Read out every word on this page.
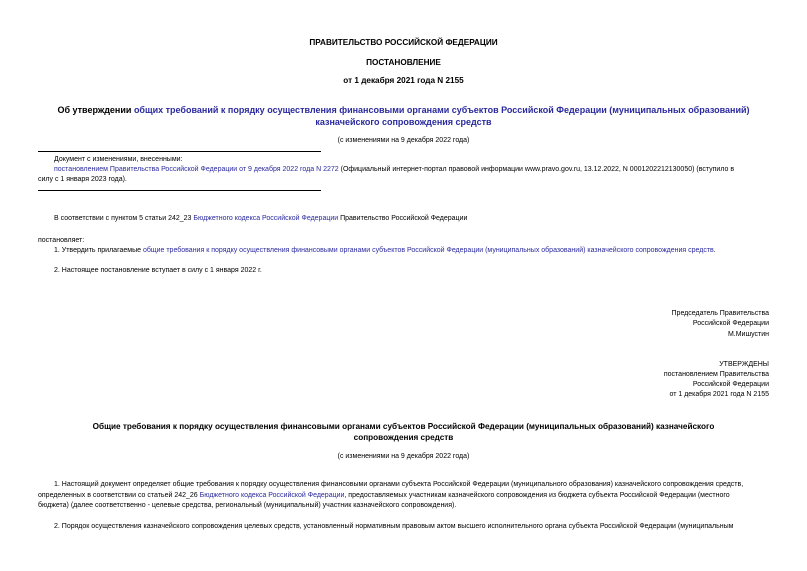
ПРАВИТЕЛЬСТВО РОССИЙСКОЙ ФЕДЕРАЦИИ
ПОСТАНОВЛЕНИЕ
от 1 декабря 2021 года N 2155
Об утверждении общих требований к порядку осуществления финансовыми органами субъектов Российской Федерации (муниципальных образований)
казначейского сопровождения средств
(с изменениями на 9 декабря 2022 года)
Документ с изменениями, внесенными:
постановлением Правительства Российской Федерации от 9 декабря 2022 года N 2272 (Официальный интернет-портал правовой информации www.pravo.gov.ru, 13.12.2022, N 0001202212130050) (вступило в
силу с 1 января 2023 года).
В соответствии с пунктом 5 статьи 242_23 Бюджетного кодекса Российской Федерации Правительство Российской Федерации
постановляет:
1. Утвердить прилагаемые общие требования к порядку осуществления финансовыми органами субъектов Российской Федерации (муниципальных образований) казначейского сопровождения средств.
2. Настоящее постановление вступает в силу с 1 января 2022 г.
Председатель Правительства
Российской Федерации
М.Мишустин
УТВЕРЖДЕНЫ
постановлением Правительства
Российской Федерации
от 1 декабря 2021 года N 2155
Общие требования к порядку осуществления финансовыми органами субъектов Российской Федерации (муниципальных образований) казначейского
сопровождения средств
(с изменениями на 9 декабря 2022 года)
1. Настоящий документ определяет общие требования к порядку осуществления финансовыми органами субъекта Российской Федерации (муниципального образования) казначейского сопровождения средств,
определенных в соответствии со статьей 242_26 Бюджетного кодекса Российской Федерации, предоставляемых участникам казначейского сопровождения из бюджета субъекта Российской Федерации (местного
бюджета) (далее соответственно - целевые средства, региональный (муниципальный) участник казначейского сопровождения).
2. Порядок осуществления казначейского сопровождения целевых средств, установленный нормативным правовым актом высшего исполнительного органа субъекта Российской Федерации (муниципальным
